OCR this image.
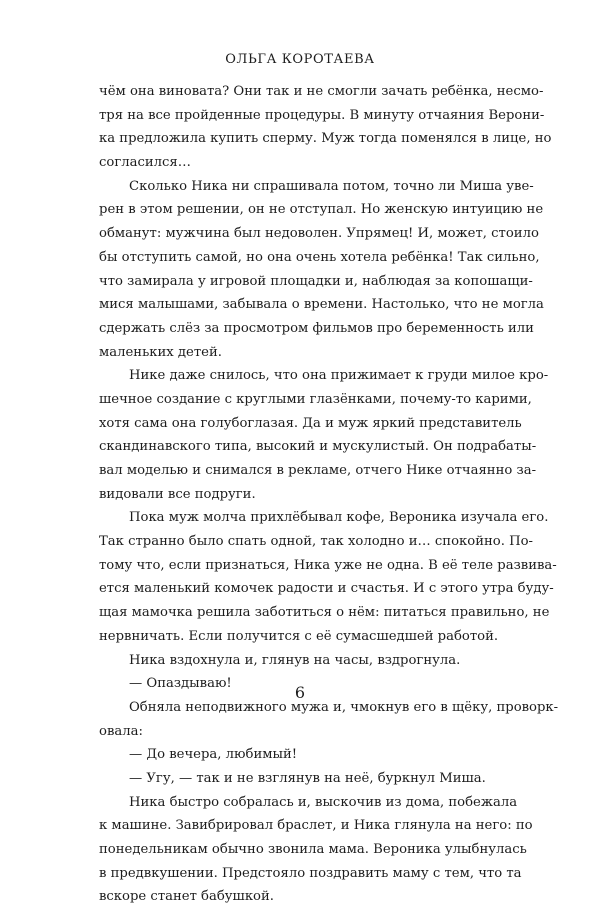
ОЛЬГА КОРОТАЕВА
чём она виновата? Они так и не смогли зачать ребёнка, несмо-
тря на все пройденные процедуры. В минуту отчаяния Верони-
ка предложила купить сперму. Муж тогда поменялся в лице, но
согласился…
Сколько Ника ни спрашивала потом, точно ли Миша уве-
рен в этом решении, он не отступал. Но женскую интуицию не
обманут: мужчина был недоволен. Упрямец! И, может, стоило
бы отступить самой, но она очень хотела ребёнка! Так сильно,
что замирала у игровой площадки и, наблюдая за копошащи-
мися малышами, забывала о времени. Настолько, что не могла
сдержать слёз за просмотром фильмов про беременность или
маленьких детей.
Нике даже снилось, что она прижимает к груди милое кро-
шечное создание с круглыми глазёнками, почему-то карими,
хотя сама она голубоглазая. Да и муж яркий представитель
скандинавского типа, высокий и мускулистый. Он подрабаты-
вал моделью и снимался в рекламе, отчего Нике отчаянно за-
видовали все подруги.
Пока муж молча прихлёбывал кофе, Вероника изучала его.
Так странно было спать одной, так холодно и… спокойно. По-
тому что, если признаться, Ника уже не одна. В её теле развива-
ется маленький комочек радости и счастья. И с этого утра буду-
щая мамочка решила заботиться о нём: питаться правильно, не
нервничать. Если получится с её сумасшедшей работой.
Ника вздохнула и, глянув на часы, вздрогнула.
— Опаздываю!
Обняла неподвижного мужа и, чмокнув его в щёку, проворк-
овала:
— До вечера, любимый!
— Угу, — так и не взглянув на неё, буркнул Миша.
Ника быстро собралась и, выскочив из дома, побежала
к машине. Завибрировал браслет, и Ника глянула на него: по
понедельникам обычно звонила мама. Вероника улыбнулась
в предвкушении. Предстояло поздравить маму с тем, что та
вскоре станет бабушкой.
6
